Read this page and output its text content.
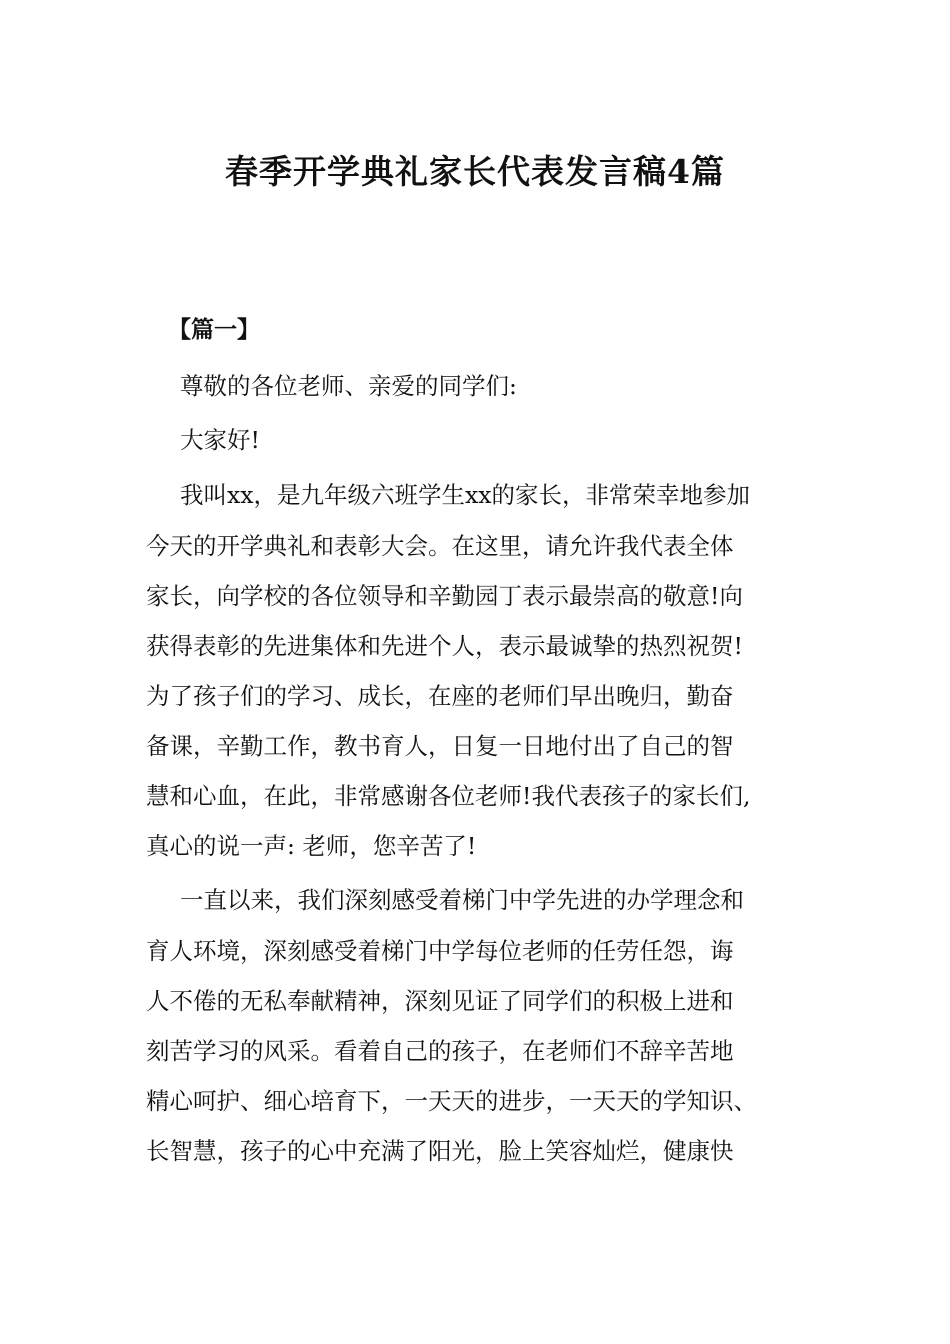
春季开学典礼家长代表发言稿4篇

【篇一】

尊敬的各位老师、亲爱的同学们:

大家好!

我叫xx，是九年级六班学生xx的家长，非常荣幸地参加

今天的开学典礼和表彰大会。在这里，请允许我代表全体

家长，向学校的各位领导和辛勤园丁表示最崇高的敬意!向

获得表彰的先进集体和先进个人，表示最诚挚的热烈祝贺!

为了孩子们的学习、成长，在座的老师们早出晚归，勤奋

备课，辛勤工作，教书育人，日复一日地付出了自己的智

慧和心血，在此，非常感谢各位老师!我代表孩子的家长们,

真心的说一声: 老师，您辛苦了!

一直以来，我们深刻感受着梯门中学先进的办学理念和

育人环境，深刻感受着梯门中学每位老师的任劳任怨，诲

人不倦的无私奉献精神，深刻见证了同学们的积极上进和

刻苦学习的风采。看着自己的孩子，在老师们不辞辛苦地

精心呵护、细心培育下，一天天的进步，一天天的学知识、

长智慧，孩子的心中充满了阳光，脸上笑容灿烂，健康快
